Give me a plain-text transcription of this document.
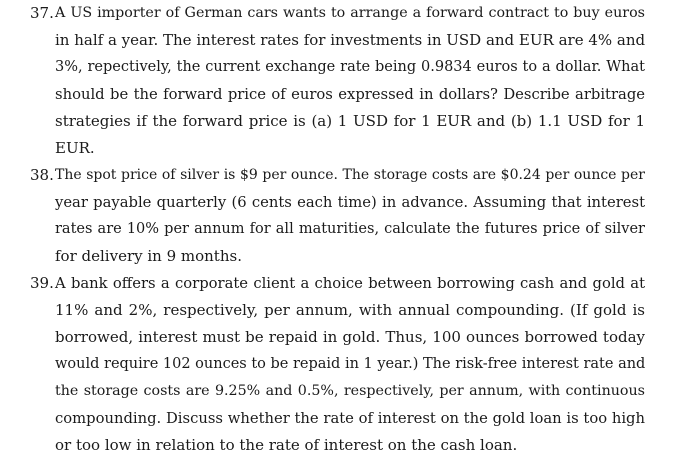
37. A US importer of German cars wants to arrange a forward contract to buy euros
in half a year. The interest rates for investments in USD and EUR are 4% and
3%, repectively, the current exchange rate being 0.9834 euros to a dollar. What
should be the forward price of euros expressed in dollars? Describe arbitrage
strategies if the forward price is (a) 1 USD for 1 EUR and (b) 1.1 USD for 1
EUR.
38. The spot price of silver is $9 per ounce. The storage costs are $0.24 per ounce per
year payable quarterly (6 cents each time) in advance. Assuming that interest
rates are 10% per annum for all maturities, calculate the futures price of silver
for delivery in 9 months.
39. A bank offers a corporate client a choice between borrowing cash and gold at
11% and 2%, respectively, per annum, with annual compounding. (If gold is
borrowed, interest must be repaid in gold. Thus, 100 ounces borrowed today
would require 102 ounces to be repaid in 1 year.) The risk-free interest rate and
the storage costs are 9.25% and 0.5%, respectively, per annum, with continuous
compounding. Discuss whether the rate of interest on the gold loan is too high
or too low in relation to the rate of interest on the cash loan.
